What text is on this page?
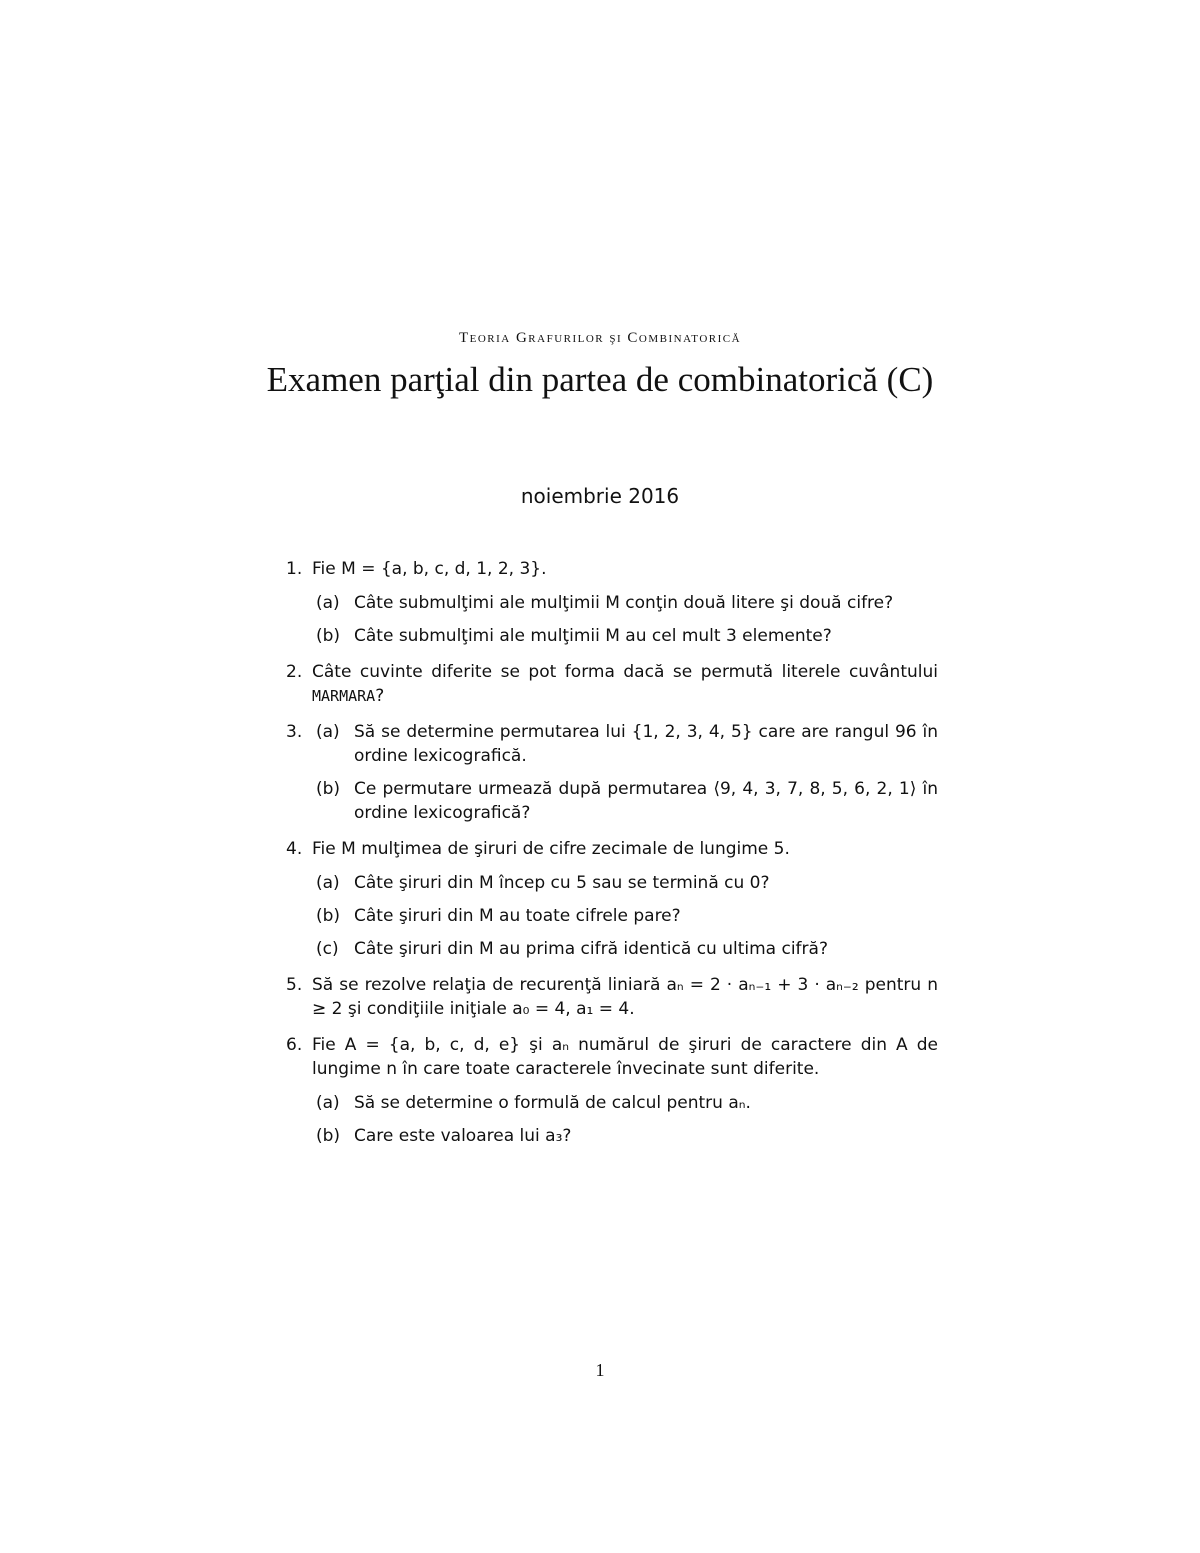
Teoria Grafurilor şi Combinatorică
Examen parţial din partea de combinatorică (C)
noiembrie 2016
1. Fie M = {a, b, c, d, 1, 2, 3}.
(a) Câte submulţimi ale mulţimii M conţin două litere şi două cifre?
(b) Câte submulţimi ale mulţimii M au cel mult 3 elemente?
2. Câte cuvinte diferite se pot forma dacă se permută literele cuvântului MARMARA?
3. (a) Să se determine permutarea lui {1, 2, 3, 4, 5} care are rangul 96 în ordine lexicografică.
(b) Ce permutare urmează după permutarea ⟨9, 4, 3, 7, 8, 5, 6, 2, 1⟩ în ordine lexicografică?
4. Fie M mulţimea de şiruri de cifre zecimale de lungime 5.
(a) Câte şiruri din M încep cu 5 sau se termină cu 0?
(b) Câte şiruri din M au toate cifrele pare?
(c) Câte şiruri din M au prima cifră identică cu ultima cifră?
5. Să se rezolve relaţia de recurenţă liniară aₙ = 2 · aₙ₋₁ + 3 · aₙ₋₂ pentru n ≥ 2 şi condiţiile iniţiale a₀ = 4, a₁ = 4.
6. Fie A = {a, b, c, d, e} şi aₙ numărul de şiruri de caractere din A de lungime n în care toate caracterele învecinate sunt diferite.
(a) Să se determine o formulă de calcul pentru aₙ.
(b) Care este valoarea lui a₃?
1
